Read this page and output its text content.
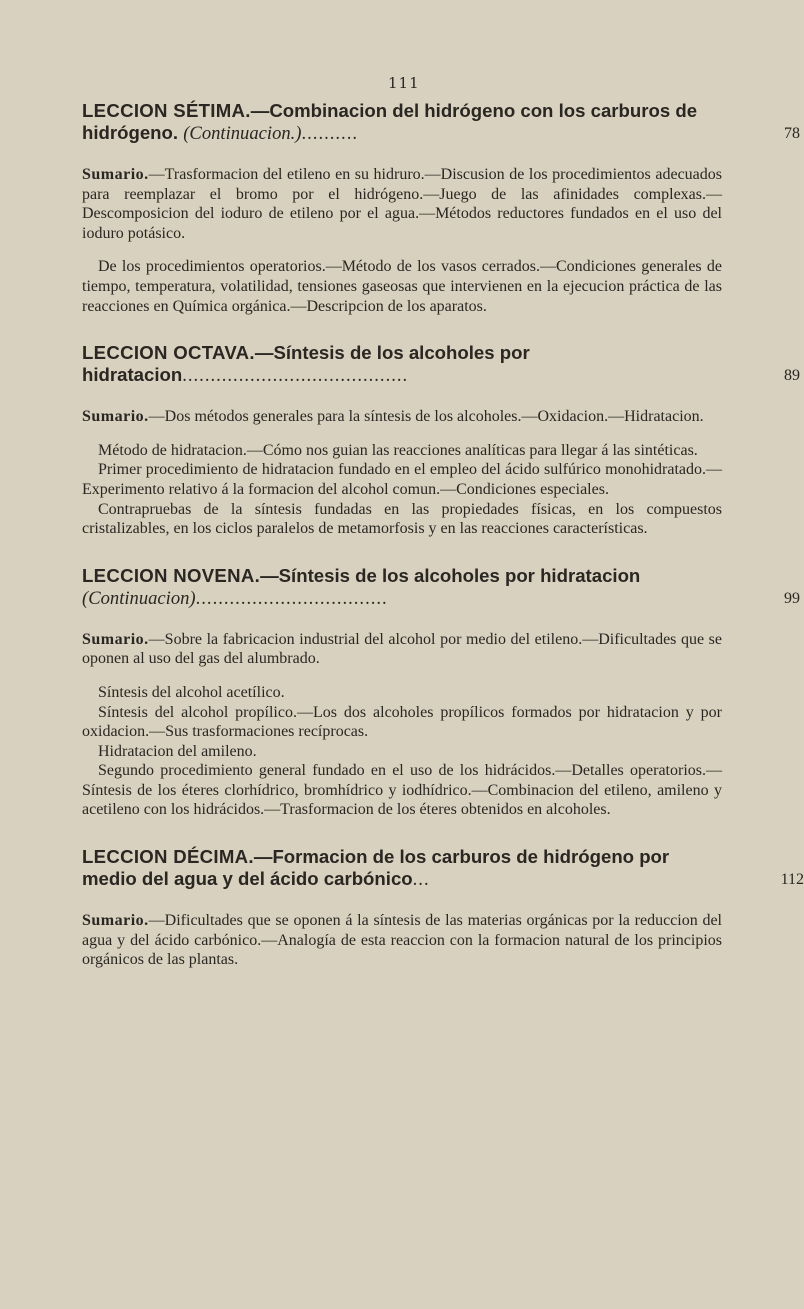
111
LECCION SÉTIMA.—Combinacion del hidrógeno con los carburos de hidrógeno. (Continuacion.)..........	78

Sumario.—Trasformacion del etileno en su hidruro.—Discusion de los procedimientos adecuados para reemplazar el bromo por el hidrógeno.—Juego de las afinidades complexas.—Descomposicion del ioduro de etileno por el agua.—Métodos reductores fundados en el uso del ioduro potásico.

De los procedimientos operatorios.—Método de los vasos cerrados.—Condiciones generales de tiempo, temperatura, volatilidad, tensiones gaseosas que intervienen en la ejecucion práctica de las reacciones en Química orgánica.—Descripcion de los aparatos.

LECCION OCTAVA.—Síntesis de los alcoholes por hidratacion........................................	89

Sumario.—Dos métodos generales para la síntesis de los alcoholes.—Oxidacion.—Hidratacion.

Método de hidratacion.—Cómo nos guian las reacciones analíticas para llegar á las sintéticas.

Primer procedimiento de hidratacion fundado en el empleo del ácido sulfúrico monohidratado.—Experimento relativo á la formacion del alcohol comun.—Condiciones especiales.

Contrapruebas de la síntesis fundadas en las propiedades físicas, en los compuestos cristalizables, en los ciclos paralelos de metamorfosis y en las reacciones características.

LECCION NOVENA.—Síntesis de los alcoholes por hidratacion (Continuacion)..................................	99

Sumario.—Sobre la fabricacion industrial del alcohol por medio del etileno.—Dificultades que se oponen al uso del gas del alumbrado.

Síntesis del alcohol acetílico.

Síntesis del alcohol propílico.—Los dos alcoholes propílicos formados por hidratacion y por oxidacion.—Sus trasformaciones recíprocas.

Hidratacion del amileno.

Segundo procedimiento general fundado en el uso de los hidrácidos.—Detalles operatorios.—Síntesis de los éteres clorhídrico, bromhídrico y iodhídrico.—Combinacion del etileno, amileno y acetileno con los hidrácidos.—Trasformacion de los éteres obtenidos en alcoholes.

LECCION DÉCIMA.—Formacion de los carburos de hidrógeno por medio del agua y del ácido carbónico...	112

Sumario.—Dificultades que se oponen á la síntesis de las materias orgánicas por la reduccion del agua y del ácido carbónico.—Analogía de esta reaccion con la formacion natural de los principios orgánicos de las plantas.
